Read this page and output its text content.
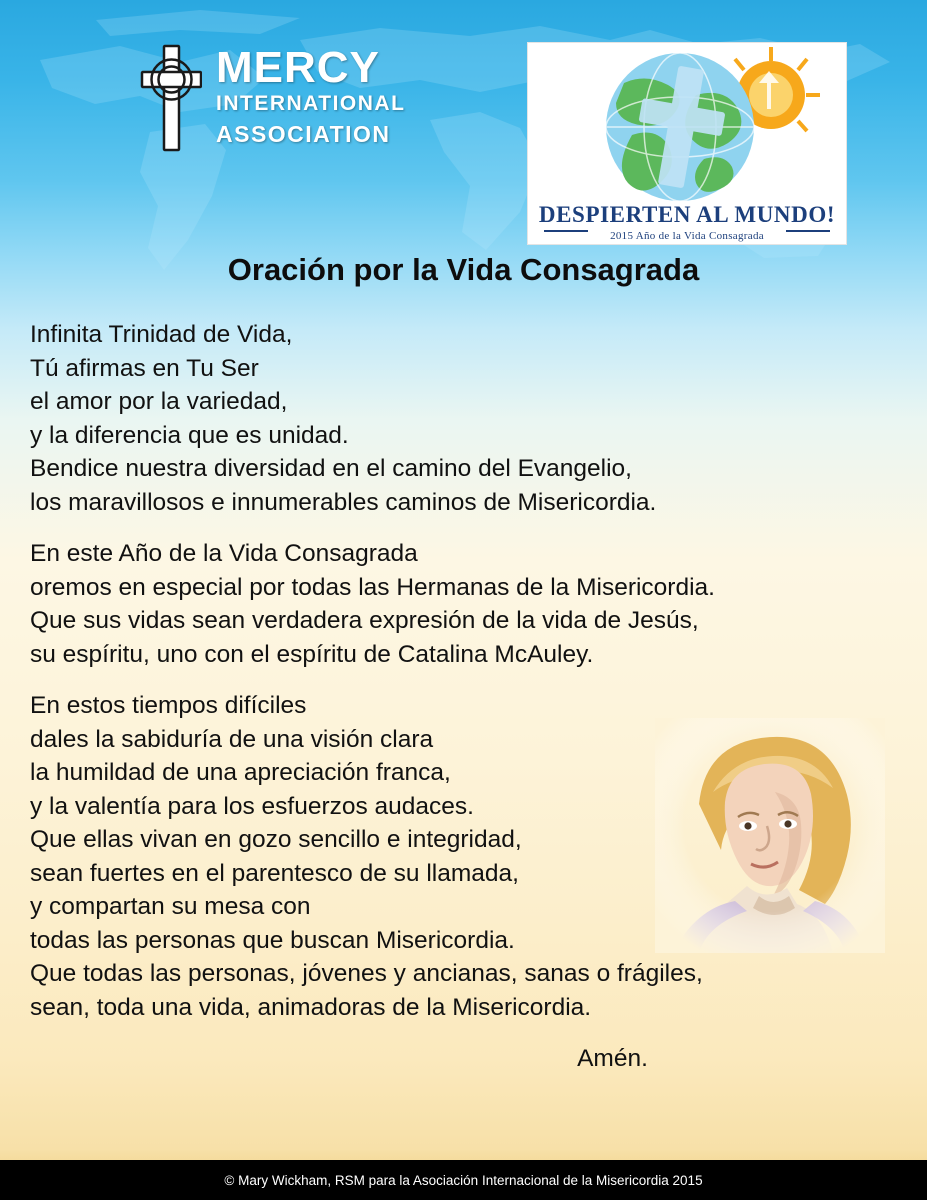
MERCY
INTERNATIONAL
ASSOCIATION
DESPIERTEN AL MUNDO!
2015 Año de la Vida Consagrada
Oración por la Vida Consagrada
Infinita Trinidad de Vida,
Tú afirmas en Tu Ser
el amor por la variedad,
y la diferencia que es unidad.
Bendice nuestra diversidad en el camino del Evangelio,
los maravillosos e innumerables caminos de Misericordia.
En este Año de la Vida Consagrada
oremos en especial por todas las Hermanas de la Misericordia.
Que sus vidas sean verdadera expresión de la vida de Jesús,
su espíritu, uno con el espíritu de Catalina McAuley.
En estos tiempos difíciles
dales la sabiduría de una visión clara
la humildad de una apreciación franca,
y la valentía para los esfuerzos audaces.
Que ellas vivan en gozo sencillo e integridad,
sean fuertes en el parentesco de su llamada,
y compartan su mesa con
todas las personas que buscan Misericordia.
Que todas las personas, jóvenes y ancianas, sanas o frágiles,
sean, toda una vida, animadoras de la Misericordia.
Amén.
© Mary Wickham, RSM para la Asociación Internacional de la Misericordia 2015
